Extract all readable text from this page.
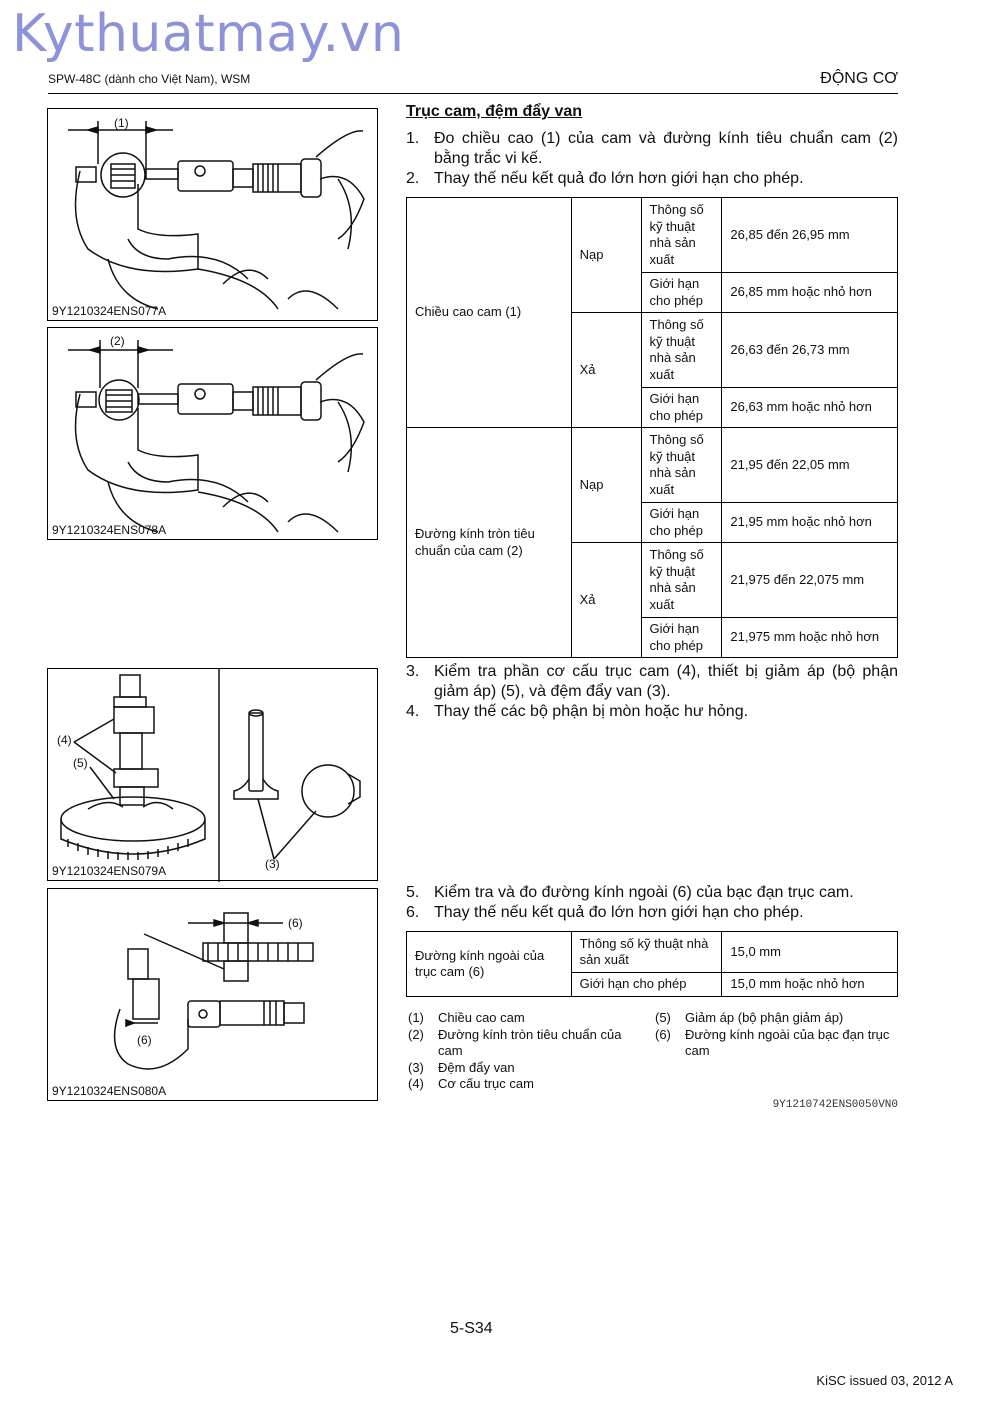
Kythuatmay.vn
SPW-48C (dành cho Việt Nam), WSM	ĐỘNG CƠ
(1)
9Y1210324ENS077A
(2)
9Y1210324ENS078A
(4)
(5)
(3)
9Y1210324ENS079A
(6)
(6)
9Y1210324ENS080A
Trục cam, đệm đẩy van
1. Đo chiều cao (1) của cam và đường kính tiêu chuẩn cam (2) bằng trắc vi kế.
2. Thay thế nếu kết quả đo lớn hơn giới hạn cho phép.
Chiều cao cam (1)	Nạp	Thông số kỹ thuật nhà sản xuất	26,85 đến 26,95 mm
		Giới hạn cho phép	26,85 mm hoặc nhỏ hơn
	Xả	Thông số kỹ thuật nhà sản xuất	26,63 đến 26,73 mm
		Giới hạn cho phép	26,63 mm hoặc nhỏ hơn
Đường kính tròn tiêu chuẩn của cam (2)	Nạp	Thông số kỹ thuật nhà sản xuất	21,95 đến 22,05 mm
		Giới hạn cho phép	21,95 mm hoặc nhỏ hơn
	Xả	Thông số kỹ thuật nhà sản xuất	21,975 đến 22,075 mm
		Giới hạn cho phép	21,975 mm hoặc nhỏ hơn
3. Kiểm tra phần cơ cấu trục cam (4), thiết bị giảm áp (bộ phận giảm áp) (5), và đệm đẩy van (3).
4. Thay thế các bộ phận bị mòn hoặc hư hỏng.
5. Kiểm tra và đo đường kính ngoài (6) của bạc đạn trục cam.
6. Thay thế nếu kết quả đo lớn hơn giới hạn cho phép.
Đường kính ngoài của trục cam (6)	Thông số kỹ thuật nhà sản xuất	15,0 mm
	Giới hạn cho phép	15,0 mm hoặc nhỏ hơn
(1) Chiều cao cam
(2) Đường kính tròn tiêu chuẩn của cam
(3) Đệm đẩy van
(4) Cơ cấu trục cam
(5) Giảm áp (bộ phận giảm áp)
(6) Đường kính ngoài của bạc đạn trục cam
9Y1210742ENS0050VN0
5-S34
KiSC issued 03, 2012 A
